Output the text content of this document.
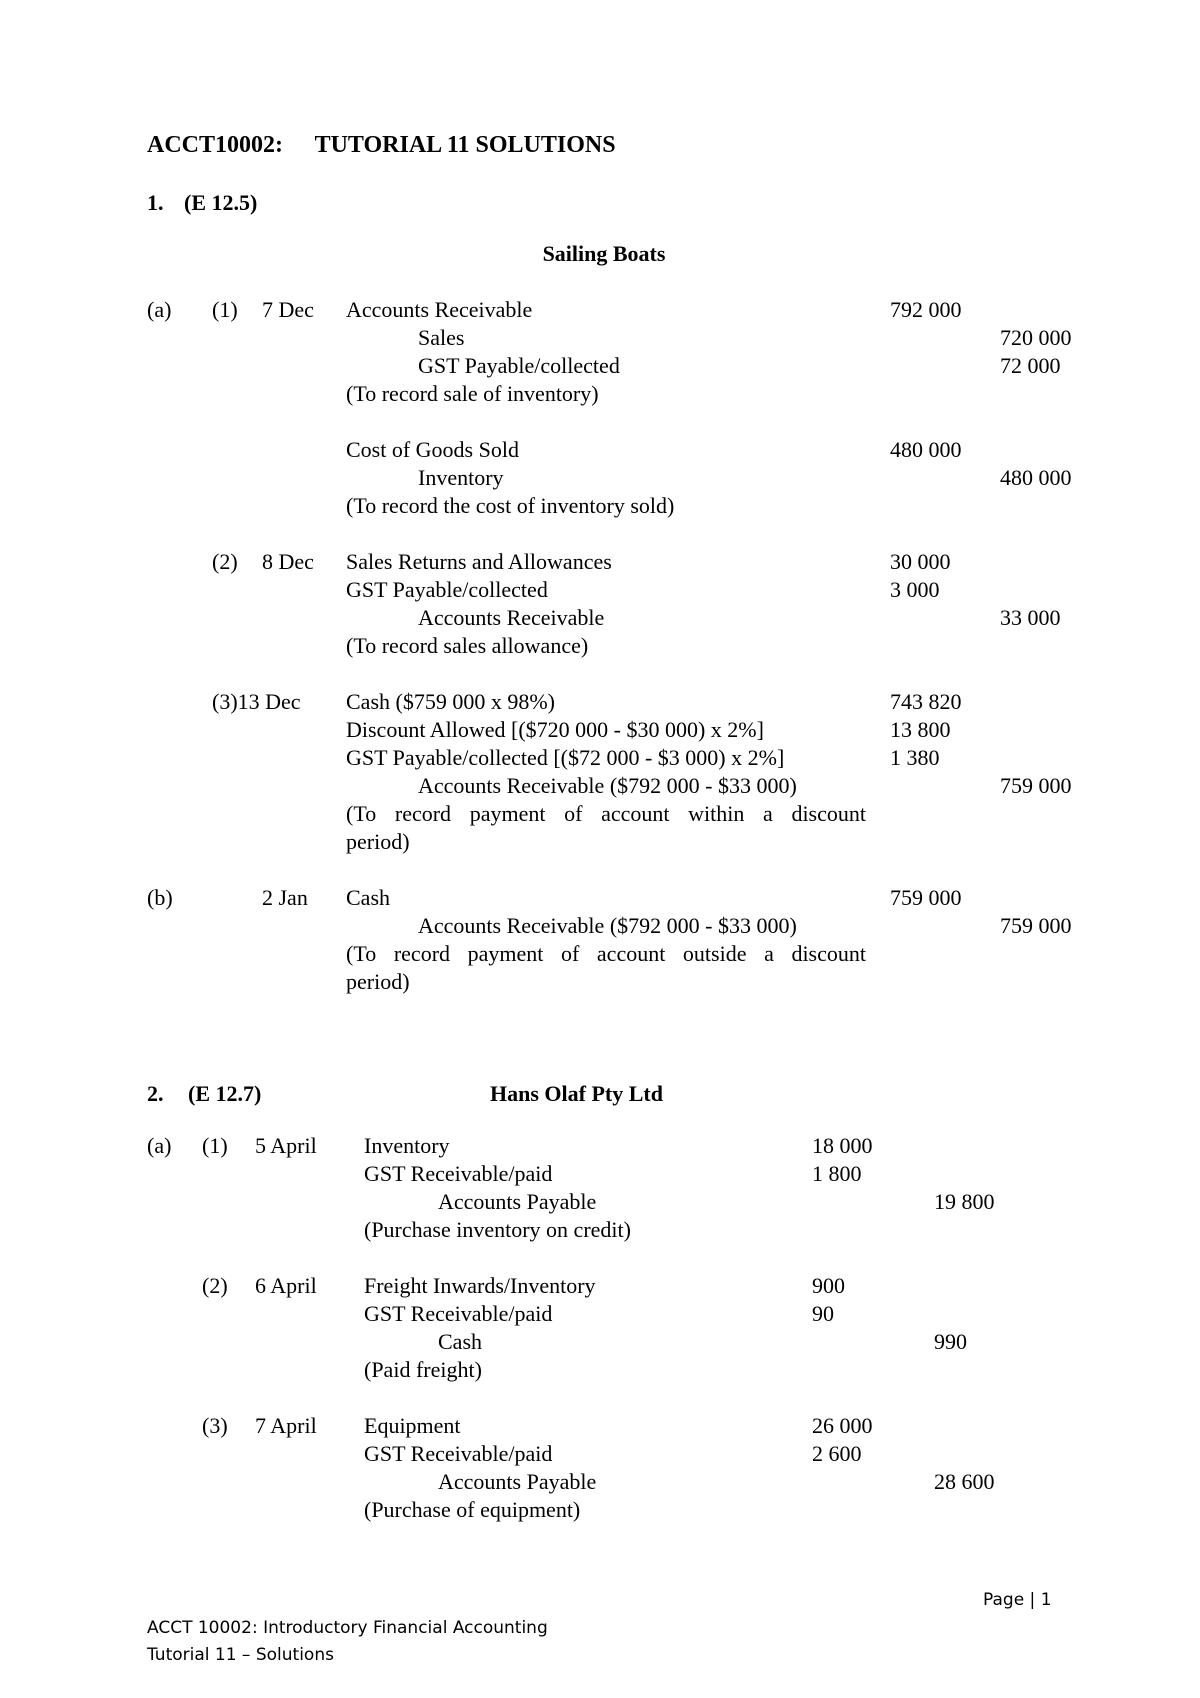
ACCT10002: TUTORIAL 11 SOLUTIONS
1. (E 12.5)
Sailing Boats
(a) (1) 7 Dec Accounts Receivable
Sales
GST Payable/collected
(To record sale of inventory)
792 000
720 000
72 000
Cost of Goods Sold
Inventory
(To record the cost of inventory sold)
480 000
480 000
(2) 8 Dec Sales Returns and Allowances
GST Payable/collected
Accounts Receivable
(To record sales allowance)
30 000
3 000
33 000
(3)13 Dec Cash ($759 000 x 98%)
Discount Allowed [($720 000 - $30 000) x 2%]
GST Payable/collected [($72 000 - $3 000) x 2%]
Accounts Receivable ($792 000 - $33 000)
(To record payment of account within a discount
period)
743 820
13 800
1 380
759 000
(b)	2 Jan Cash
Accounts Receivable ($792 000 - $33 000)
(To record payment of account outside a discount
period)
759 000
759 000
2. (E 12.7)	Hans Olaf Pty Ltd
(a) (1) 5 April Inventory
GST Receivable/paid
Accounts Payable
(Purchase inventory on credit)
18 000
1 800
19 800
(2) 6 April Freight Inwards/Inventory
GST Receivable/paid
Cash
(Paid freight)
900
90
990
(3) 7 April Equipment
GST Receivable/paid
Accounts Payable
(Purchase of equipment)
26 000
2 600
28 600
Page | 1
ACCT 10002: Introductory Financial Accounting
Tutorial 11 – Solutions
